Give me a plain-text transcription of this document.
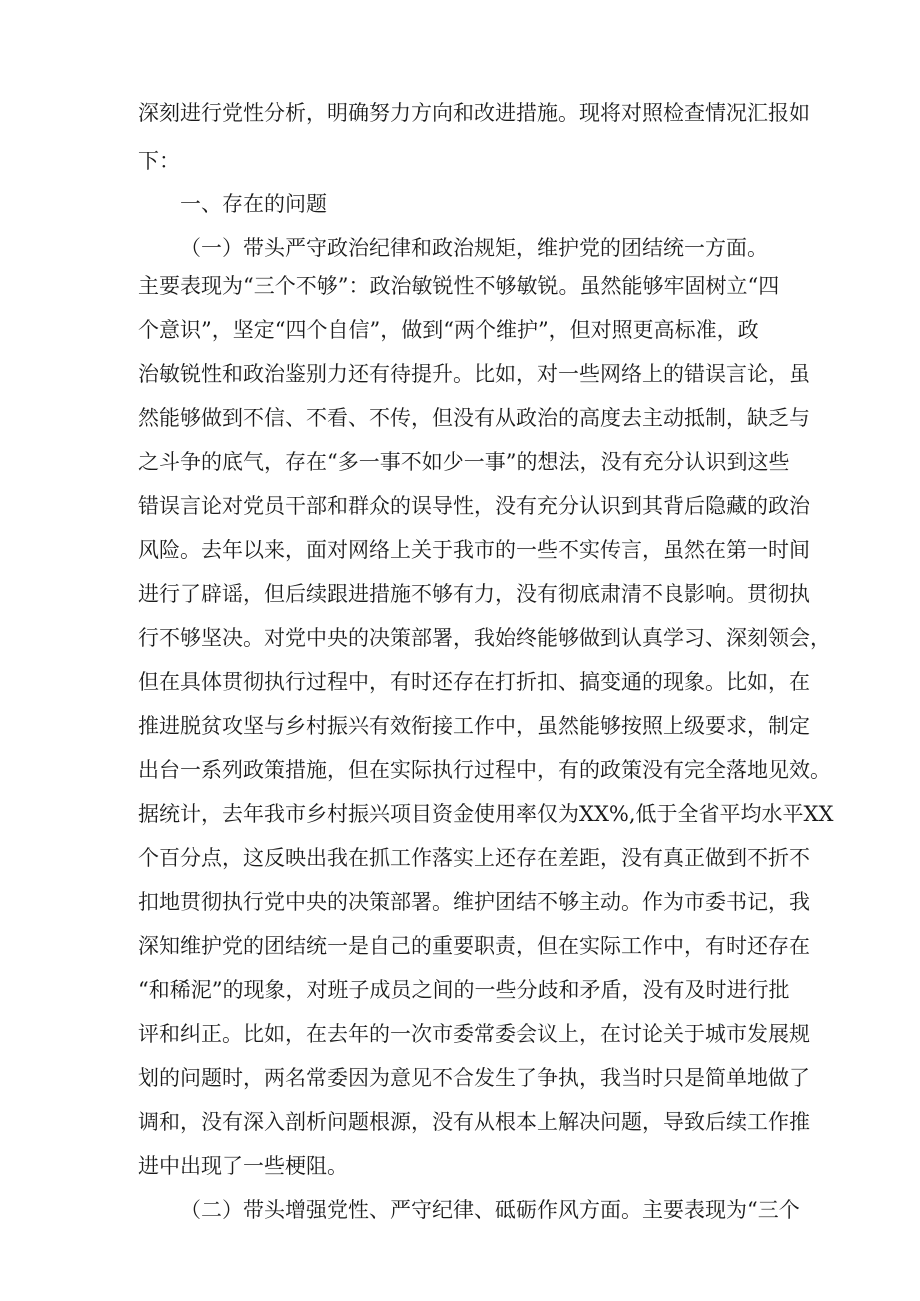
深刻进行党性分析，明确努力方向和改进措施。现将对照检查情况汇报如
下：
一、存在的问题
（一）带头严守政治纪律和政治规矩，维护党的团结统一方面。
主要表现为“三个不够”：政治敏锐性不够敏锐。虽然能够牢固树立“四
个意识”，坚定“四个自信”，做到“两个维护”，但对照更高标准，政
治敏锐性和政治鉴别力还有待提升。比如，对一些网络上的错误言论，虽
然能够做到不信、不看、不传，但没有从政治的高度去主动抵制，缺乏与
之斗争的底气，存在“多一事不如少一事”的想法，没有充分认识到这些
错误言论对党员干部和群众的误导性，没有充分认识到其背后隐藏的政治
风险。去年以来，面对网络上关于我市的一些不实传言，虽然在第一时间
进行了辟谣，但后续跟进措施不够有力，没有彻底肃清不良影响。贯彻执
行不够坚决。对党中央的决策部署，我始终能够做到认真学习、深刻领会，
但在具体贯彻执行过程中，有时还存在打折扣、搞变通的现象。比如，在
推进脱贫攻坚与乡村振兴有效衔接工作中，虽然能够按照上级要求，制定
出台一系列政策措施，但在实际执行过程中，有的政策没有完全落地见效。
据统计，去年我市乡村振兴项目资金使用率仅为XX%,低于全省平均水平XX
个百分点，这反映出我在抓工作落实上还存在差距，没有真正做到不折不
扣地贯彻执行党中央的决策部署。维护团结不够主动。作为市委书记，我
深知维护党的团结统一是自己的重要职责，但在实际工作中，有时还存在
“和稀泥”的现象，对班子成员之间的一些分歧和矛盾，没有及时进行批
评和纠正。比如，在去年的一次市委常委会议上，在讨论关于城市发展规
划的问题时，两名常委因为意见不合发生了争执，我当时只是简单地做了
调和，没有深入剖析问题根源，没有从根本上解决问题，导致后续工作推
进中出现了一些梗阻。
（二）带头增强党性、严守纪律、砥砺作风方面。主要表现为“三个
